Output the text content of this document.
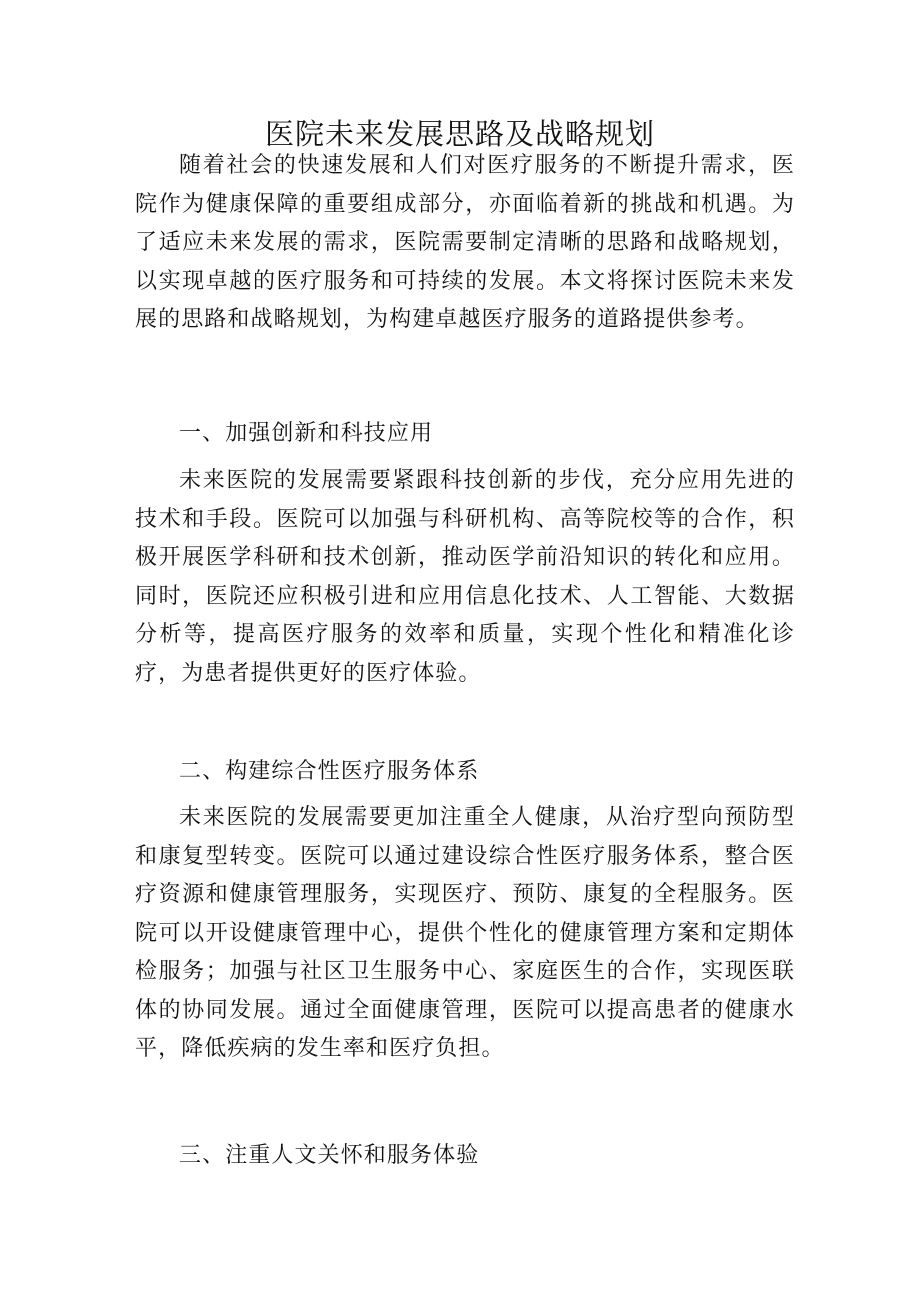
医院未来发展思路及战略规划
随着社会的快速发展和人们对医疗服务的不断提升需求，医院作为健康保障的重要组成部分，亦面临着新的挑战和机遇。为了适应未来发展的需求，医院需要制定清晰的思路和战略规划，以实现卓越的医疗服务和可持续的发展。本文将探讨医院未来发展的思路和战略规划，为构建卓越医疗服务的道路提供参考。
一、加强创新和科技应用
未来医院的发展需要紧跟科技创新的步伐，充分应用先进的技术和手段。医院可以加强与科研机构、高等院校等的合作，积极开展医学科研和技术创新，推动医学前沿知识的转化和应用。同时，医院还应积极引进和应用信息化技术、人工智能、大数据分析等，提高医疗服务的效率和质量，实现个性化和精准化诊疗，为患者提供更好的医疗体验。
二、构建综合性医疗服务体系
未来医院的发展需要更加注重全人健康，从治疗型向预防型和康复型转变。医院可以通过建设综合性医疗服务体系，整合医疗资源和健康管理服务，实现医疗、预防、康复的全程服务。医院可以开设健康管理中心，提供个性化的健康管理方案和定期体检服务；加强与社区卫生服务中心、家庭医生的合作，实现医联体的协同发展。通过全面健康管理，医院可以提高患者的健康水平，降低疾病的发生率和医疗负担。
三、注重人文关怀和服务体验
